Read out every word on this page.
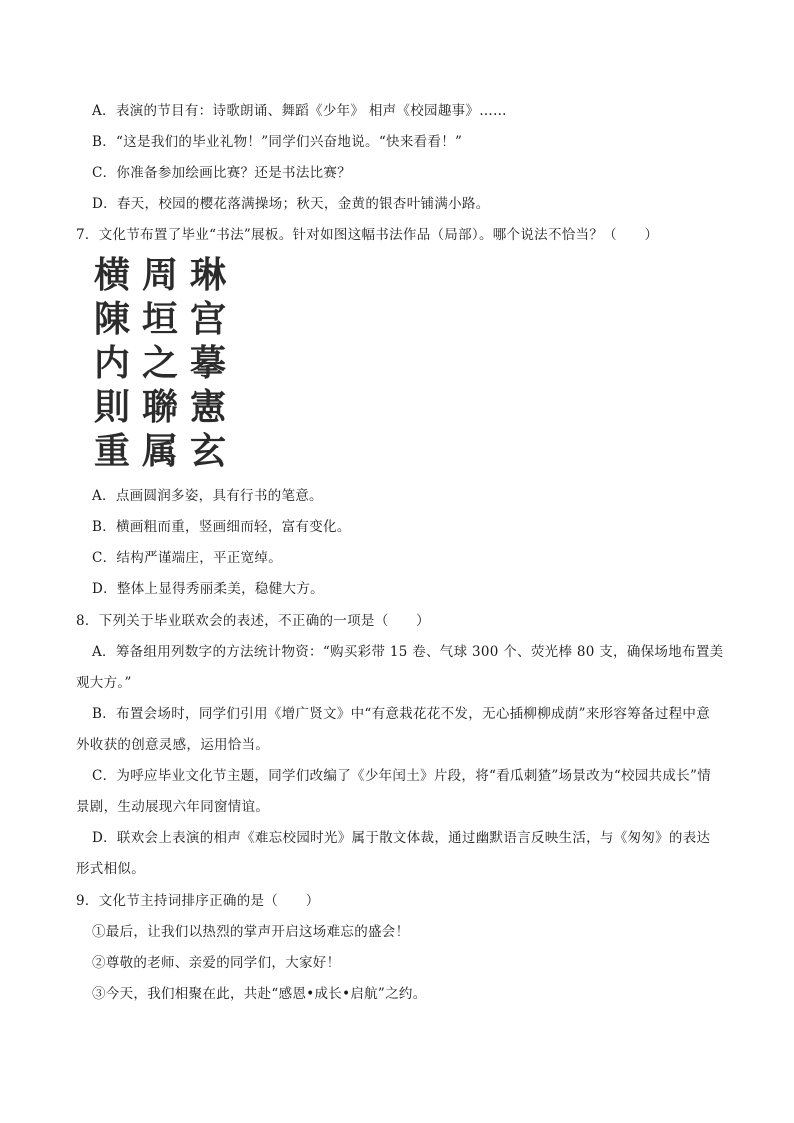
A．表演的节目有：诗歌朗诵、舞蹈《少年》 相声《校园趣事》……
B．“这是我们的毕业礼物！”同学们兴奋地说。“快来看看！”
C．你准备参加绘画比赛？还是书法比赛？
D．春天，校园的樱花落满操场；秋天，金黄的银杏叶铺满小路。
7．文化节布置了毕业“书法”展板。针对如图这幅书法作品（局部）。哪个说法不恰当？（　　）
横
陳
内
則
重
周
垣
之
聯
属
琳
宫
摹
憲
玄
A．点画圆润多姿，具有行书的笔意。
B．横画粗而重，竖画细而轻，富有变化。
C．结构严谨端庄，平正宽绰。
D．整体上显得秀丽柔美，稳健大方。
8．下列关于毕业联欢会的表述，不正确的一项是（　　）
A．筹备组用列数字的方法统计物资：“购买彩带 15 卷、气球 300 个、荧光棒 80 支，确保场地布置美
观大方。”
B．布置会场时，同学们引用《增广贤文》中“有意栽花花不发，无心插柳柳成荫”来形容筹备过程中意
外收获的创意灵感，运用恰当。
C．为呼应毕业文化节主题，同学们改编了《少年闰土》片段，将“看瓜刺猹”场景改为“校园共成长”情
景剧，生动展现六年同窗情谊。
D．联欢会上表演的相声《难忘校园时光》属于散文体裁，通过幽默语言反映生活，与《匆匆》的表达
形式相似。
9．文化节主持词排序正确的是（　　）
①最后，让我们以热烈的掌声开启这场难忘的盛会！
②尊敬的老师、亲爱的同学们，大家好！
③今天，我们相聚在此，共赴“感恩•成长•启航”之约。
